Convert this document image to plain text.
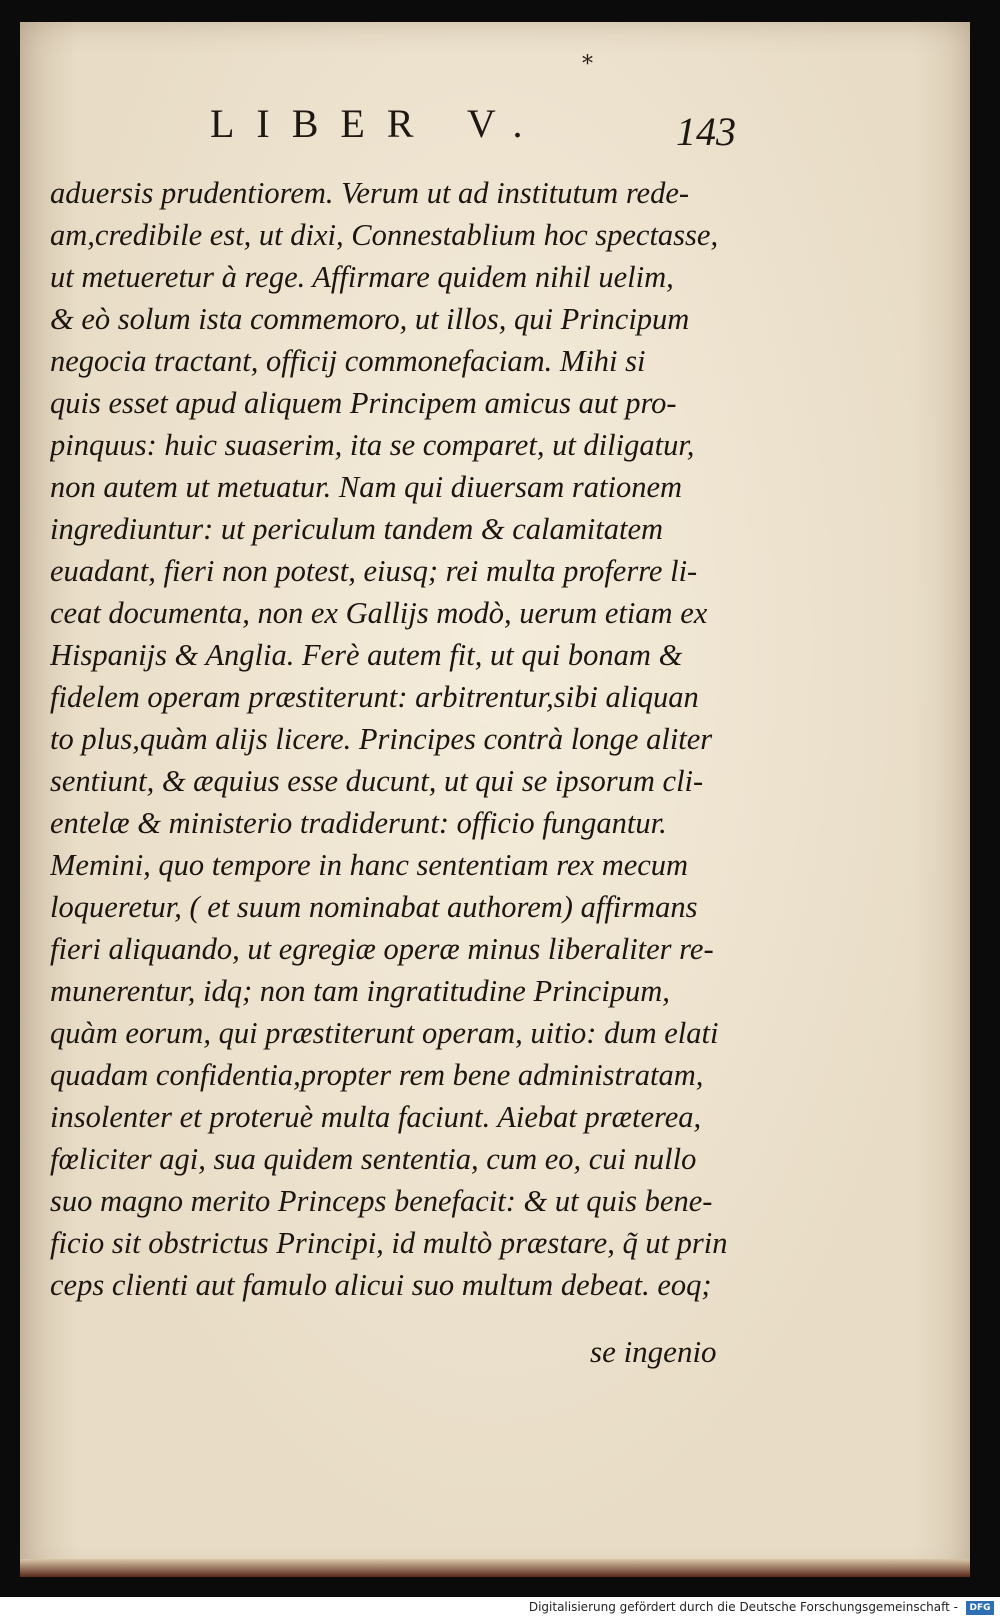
*
LIBER V.	143
aduersis prudentiorem. Verum ut ad institutum rede-
am,credibile est, ut dixi, Connestablium hoc spectasse,
ut metueretur à rege. Affirmare quidem nihil uelim,
& eò solum ista commemoro, ut illos, qui Principum
negocia tractant, officij commonefaciam. Mihi si
quis esset apud aliquem Principem amicus aut pro-
pinquus: huic suaserim, ita se comparet, ut diligatur,
non autem ut metuatur. Nam qui diuersam rationem
ingrediuntur: ut periculum tandem & calamitatem
euadant, fieri non potest, eiusq; rei multa proferre li-
ceat documenta, non ex Gallijs modò, uerum etiam ex
Hispanijs & Anglia. Ferè autem fit, ut qui bonam &
fidelem operam præstiterunt: arbitrentur,sibi aliquan
to plus,quàm alijs licere. Principes contrà longe aliter
sentiunt, & æquius esse ducunt, ut qui se ipsorum cli-
entelæ & ministerio tradiderunt: officio fungantur.
Memini, quo tempore in hanc sententiam rex mecum
loqueretur, ( et suum nominabat authorem) affirmans
fieri aliquando, ut egregiæ operæ minus liberaliter re-
munerentur, idq; non tam ingratitudine Principum,
quàm eorum, qui præstiterunt operam, uitio: dum elati
quadam confidentia,propter rem bene administratam,
insolenter et proteruè multa faciunt. Aiebat præterea,
fœliciter agi, sua quidem sententia, cum eo, cui nullo
suo magno merito Princeps benefacit: & ut quis bene-
ficio sit obstrictus Principi, id multò præstare, q̃ ut prin
ceps clienti aut famulo alicui suo multum debeat. eoq;
se ingenio
Digitalisierung gefördert durch die Deutsche Forschungsgemeinschaft -	DFG
